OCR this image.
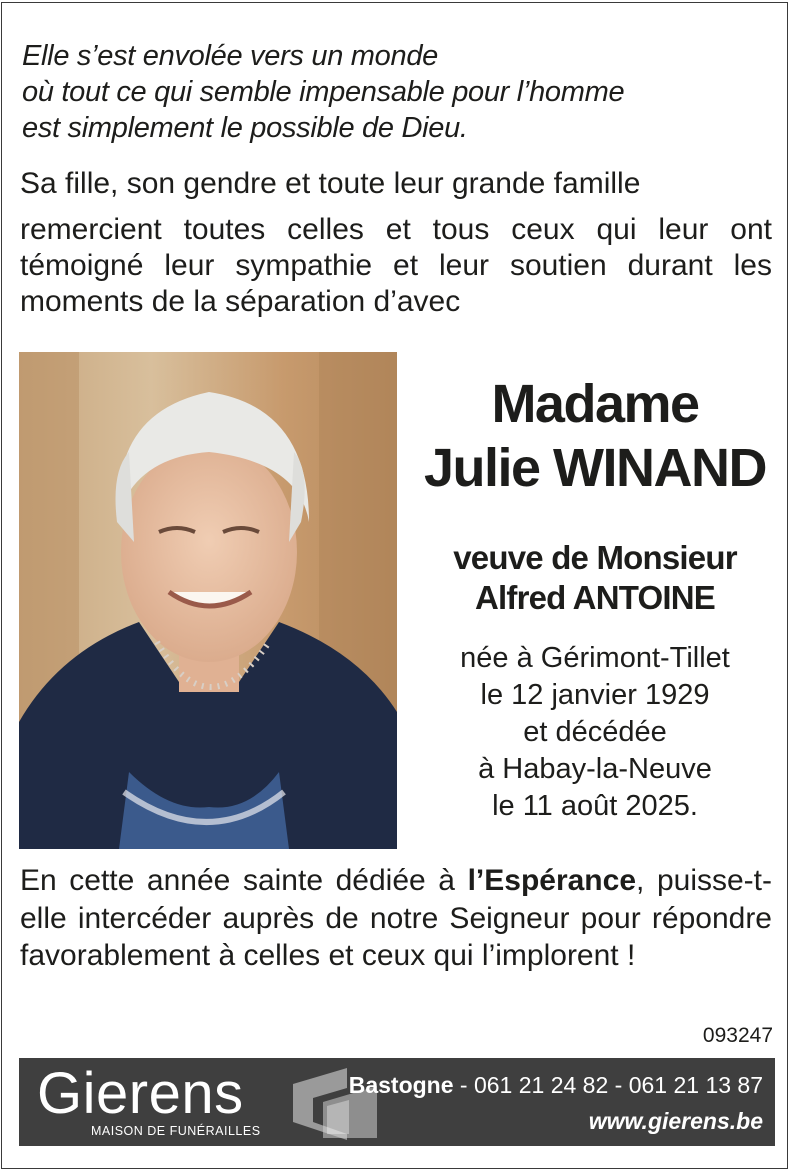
Elle s’est envolée vers un monde
où tout ce qui semble impensable pour l’homme
est simplement le possible de Dieu.
Sa fille, son gendre et toute leur grande famille
remercient toutes celles et tous ceux qui leur ont témoigné leur sympathie et leur soutien durant les moments de la séparation d’avec
Madame
Julie WINAND
veuve de Monsieur
Alfred ANTOINE
née à Gérimont-Tillet
le 12 janvier 1929
et décédée
à Habay-la-Neuve
le 11 août 2025.
En cette année sainte dédiée à l’Espérance, puisse-t-elle intercéder auprès de notre Seigneur pour répondre favorablement à celles et ceux qui l’implorent !
093247
Gierens
MAISON DE FUNÉRAILLES
Bastogne - 061 21 24 82 - 061 21 13 87
www.gierens.be
